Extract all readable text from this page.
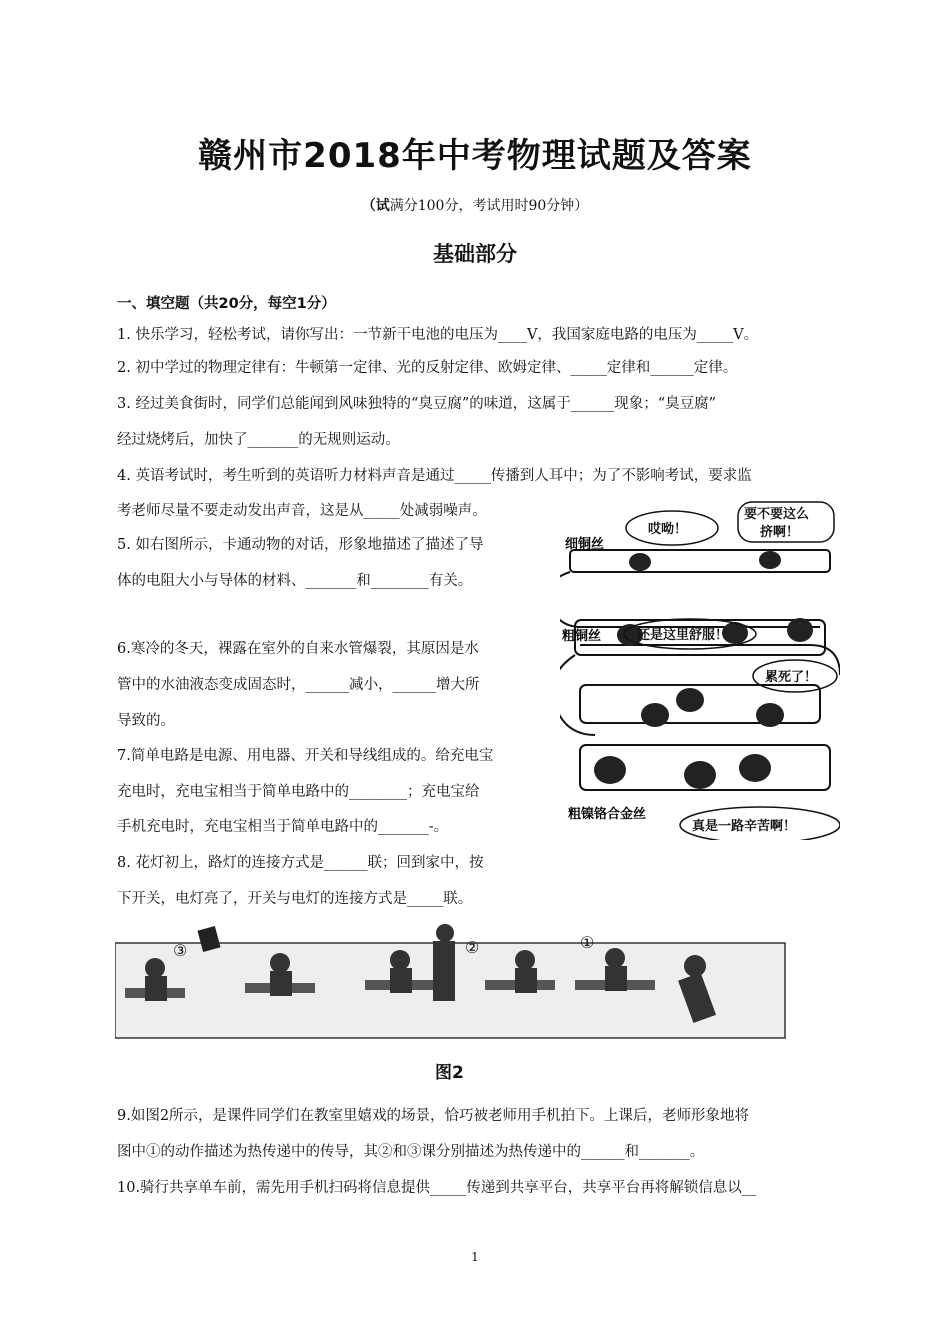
赣州市2018年中考物理试题及答案
（试满分100分，考试用时90分钟）
基础部分
一、填空题（共20分，每空1分）
1. 快乐学习，轻松考试，请你写出：一节新干电池的电压为____V，我国家庭电路的电压为_____V。
2. 初中学过的物理定律有：牛顿第一定律、光的反射定律、欧姆定律、_____定律和______定律。
3. 经过美食街时，同学们总能闻到风味独特的“臭豆腐”的味道，这属于______现象；“臭豆腐”
经过烧烤后，加快了_______的无规则运动。
4. 英语考试时，考生听到的英语听力材料声音是通过_____传播到人耳中；为了不影响考试，要求监
考老师尽量不要走动发出声音，这是从_____处减弱噪声。
5. 如右图所示，卡通动物的对话，形象地描述了描述了导
体的电阻大小与导体的材料、_______和________有关。
6.寒冷的冬天，裸露在室外的自来水管爆裂，其原因是水
管中的水油液态变成固态时，______减小，______增大所
导致的。
7.简单电路是电源、用电器、开关和导线组成的。给充电宝
充电时，充电宝相当于简单电路中的________；充电宝给
手机充电时，充电宝相当于简单电路中的_______-。
8. 花灯初上，路灯的连接方式是______联；回到家中，按
下开关，电灯亮了，开关与电灯的连接方式是_____联。
细铜丝
粗铜丝
粗镍铬合金丝
哎呦！
要不要这么
挤啊！
还是这里舒服！
累死了！
真是一路辛苦啊！
③	②	①
图2
9.如图2所示，是课件同学们在教室里嬉戏的场景，恰巧被老师用手机拍下。上课后，老师形象地将
图中①的动作描述为热传递中的传导，其②和③课分别描述为热传递中的______和_______。
10.骑行共享单车前，需先用手机扫码将信息提供_____传递到共享平台，共享平台再将解锁信息以__
1
